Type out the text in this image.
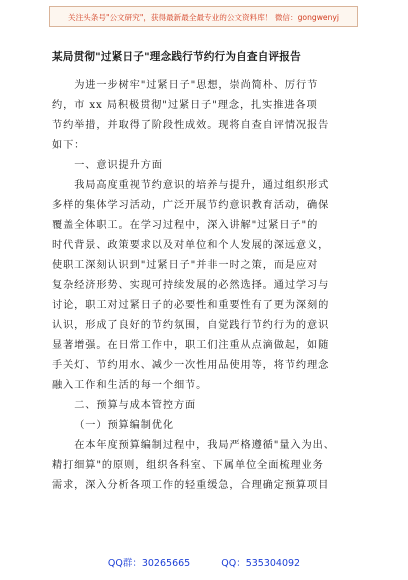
关注头条号"公文研究"，获得最新最全最专业的公文资料库！ 微信：gongwenyj
某局贯彻"过紧日子"理念践行节约行为自查自评报告
为进一步树牢"过紧日子"思想，崇尚简朴、厉行节
约，市 xx 局积极贯彻"过紧日子"理念，扎实推进各项
节约举措，并取得了阶段性成效。现将自查自评情况报告
如下：
一、意识提升方面
我局高度重视节约意识的培养与提升，通过组织形式
多样的集体学习活动，广泛开展节约意识教育活动，确保
覆盖全体职工。在学习过程中，深入讲解"过紧日子"的
时代背景、政策要求以及对单位和个人发展的深远意义，
使职工深刻认识到"过紧日子"并非一时之策，而是应对
复杂经济形势、实现可持续发展的必然选择。通过学习与
讨论，职工对过紧日子的必要性和重要性有了更为深刻的
认识，形成了良好的节约氛围，自觉践行节约行为的意识
显著增强。在日常工作中，职工们注重从点滴做起，如随
手关灯、节约用水、减少一次性用品使用等，将节约理念
融入工作和生活的每一个细节。
二、预算与成本管控方面
（一）预算编制优化
在本年度预算编制过程中，我局严格遵循"量入为出、
精打细算"的原则，组织各科室、下属单位全面梳理业务
需求，深入分析各项工作的轻重缓急，合理确定预算项目
QQ群：30265665	QQ：535304092
